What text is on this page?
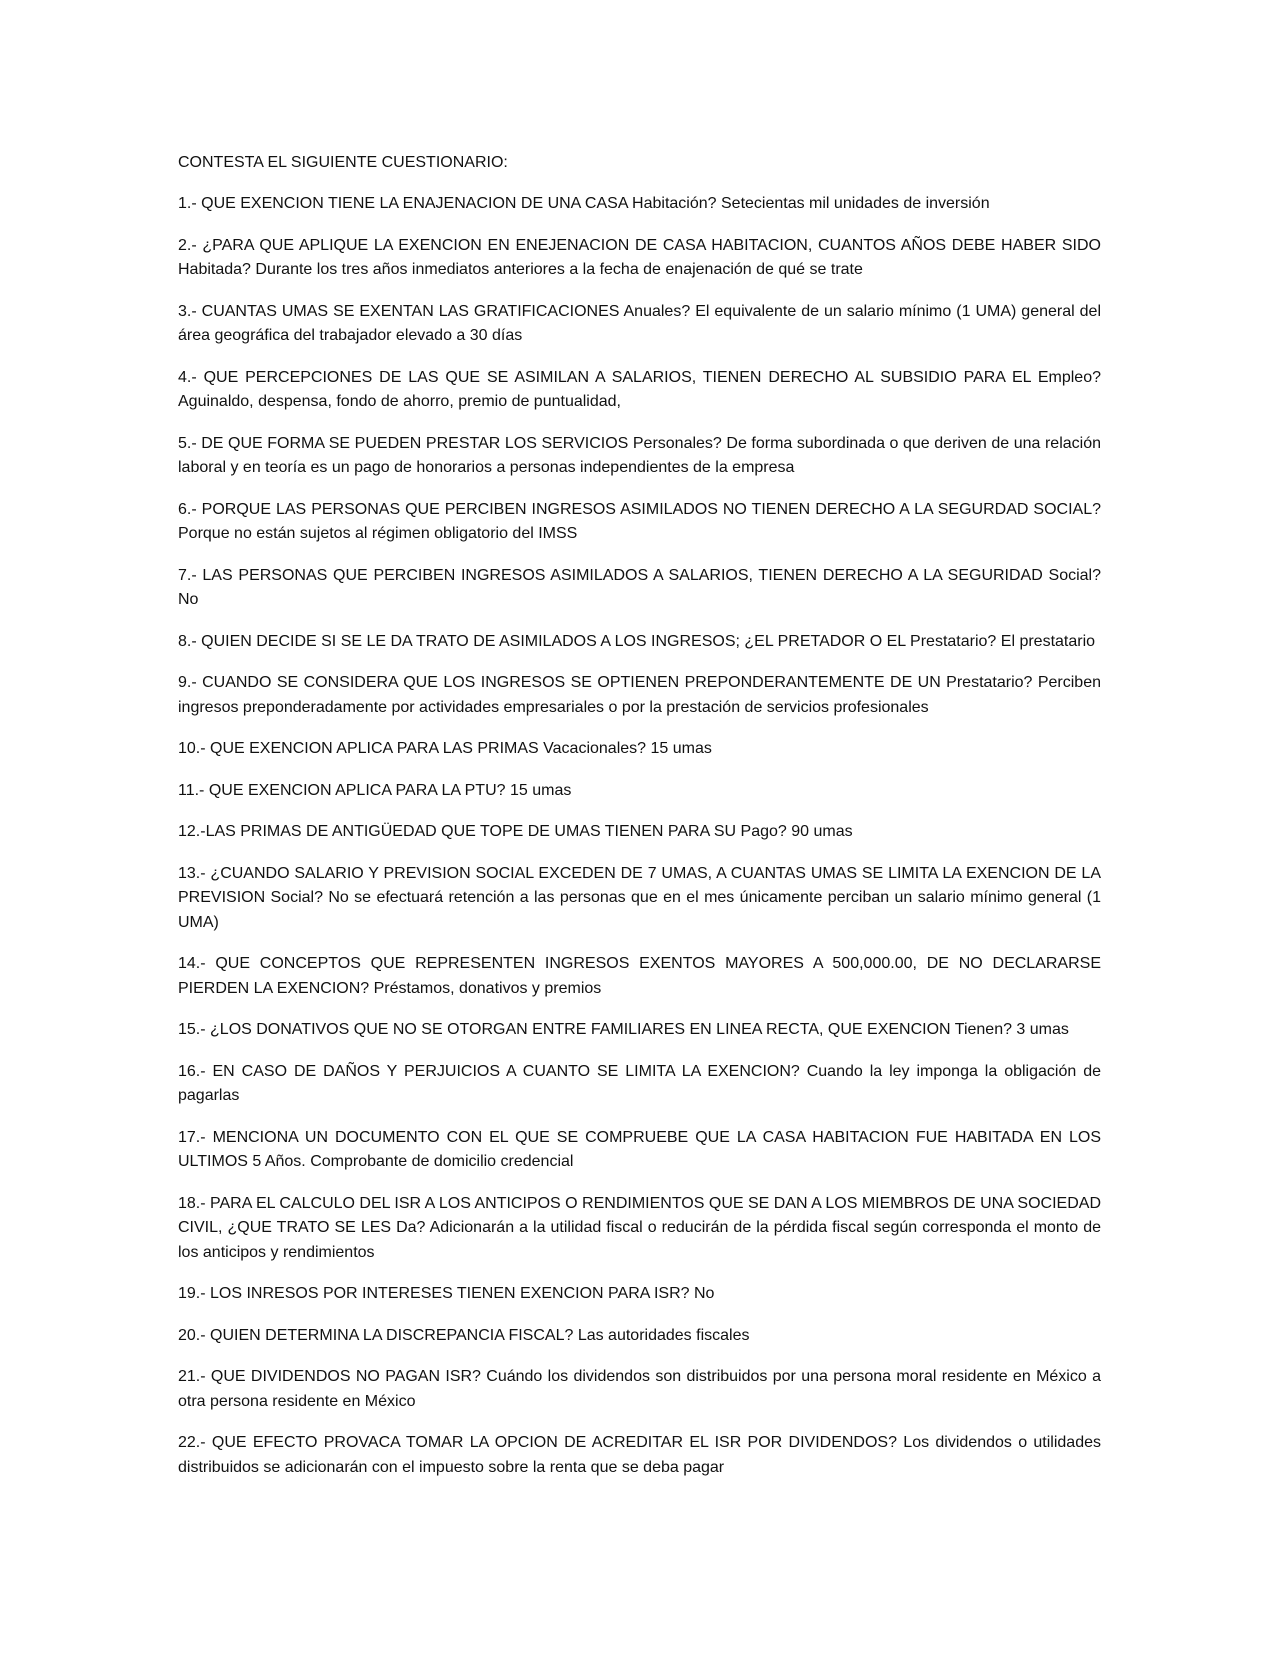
CONTESTA EL SIGUIENTE CUESTIONARIO:

1.- QUE EXENCION TIENE LA ENAJENACION DE UNA CASA Habitación? Setecientas mil unidades de inversión

2.- ¿PARA QUE APLIQUE LA EXENCION EN ENEJENACION DE CASA HABITACION, CUANTOS AÑOS DEBE HABER SIDO Habitada? Durante los tres años inmediatos anteriores a la fecha de enajenación de qué se trate

3.- CUANTAS UMAS SE EXENTAN LAS GRATIFICACIONES Anuales? El equivalente de un salario mínimo (1 UMA) general del área geográfica del trabajador elevado a 30 días

4.- QUE PERCEPCIONES DE LAS QUE SE ASIMILAN A SALARIOS, TIENEN DERECHO AL SUBSIDIO PARA EL Empleo? Aguinaldo, despensa, fondo de ahorro, premio de puntualidad,

5.- DE QUE FORMA SE PUEDEN PRESTAR LOS SERVICIOS Personales? De forma subordinada o que deriven de una relación laboral y en teoría es un pago de honorarios a personas independientes de la empresa

6.- PORQUE LAS PERSONAS QUE PERCIBEN INGRESOS ASIMILADOS NO TIENEN DERECHO A LA SEGURDAD SOCIAL? Porque no están sujetos al régimen obligatorio del IMSS

7.- LAS PERSONAS QUE PERCIBEN INGRESOS ASIMILADOS A SALARIOS, TIENEN DERECHO A LA SEGURIDAD Social? No

8.- QUIEN DECIDE SI SE LE DA TRATO DE ASIMILADOS A LOS INGRESOS; ¿EL PRETADOR O EL Prestatario? El prestatario

9.- CUANDO SE CONSIDERA QUE LOS INGRESOS SE OPTIENEN PREPONDERANTEMENTE DE UN Prestatario? Perciben ingresos preponderadamente por actividades empresariales o por la prestación de servicios profesionales

10.- QUE EXENCION APLICA PARA LAS PRIMAS Vacacionales? 15 umas

11.- QUE EXENCION APLICA PARA LA PTU? 15 umas

12.-LAS PRIMAS DE ANTIGÜEDAD QUE TOPE DE UMAS TIENEN PARA SU Pago? 90 umas

13.- ¿CUANDO SALARIO Y PREVISION SOCIAL EXCEDEN DE 7 UMAS, A CUANTAS UMAS SE LIMITA LA EXENCION DE LA PREVISION Social? No se efectuará retención a las personas que en el mes únicamente perciban un salario mínimo general (1 UMA)

14.- QUE CONCEPTOS QUE REPRESENTEN INGRESOS EXENTOS MAYORES A 500,000.00, DE NO DECLARARSE PIERDEN LA EXENCION? Préstamos, donativos y premios

15.- ¿LOS DONATIVOS QUE NO SE OTORGAN ENTRE FAMILIARES EN LINEA RECTA, QUE EXENCION Tienen? 3 umas

16.- EN CASO DE DAÑOS Y PERJUICIOS A CUANTO SE LIMITA LA EXENCION? Cuando la ley imponga la obligación de pagarlas

17.- MENCIONA UN DOCUMENTO CON EL QUE SE COMPRUEBE QUE LA CASA HABITACION FUE HABITADA EN LOS ULTIMOS 5 Años. Comprobante de domicilio credencial

18.- PARA EL CALCULO DEL ISR A LOS ANTICIPOS O RENDIMIENTOS QUE SE DAN A LOS MIEMBROS DE UNA SOCIEDAD CIVIL, ¿QUE TRATO SE LES Da? Adicionarán a la utilidad fiscal o reducirán de la pérdida fiscal según corresponda el monto de los anticipos y rendimientos

19.- LOS INRESOS POR INTERESES TIENEN EXENCION PARA ISR? No

20.- QUIEN DETERMINA LA DISCREPANCIA FISCAL? Las autoridades fiscales

21.- QUE DIVIDENDOS NO PAGAN ISR? Cuándo los dividendos son distribuidos por una persona moral residente en México a otra persona residente en México

22.- QUE EFECTO PROVACA TOMAR LA OPCION DE ACREDITAR EL ISR POR DIVIDENDOS? Los dividendos o utilidades distribuidos se adicionarán con el impuesto sobre la renta que se deba pagar
